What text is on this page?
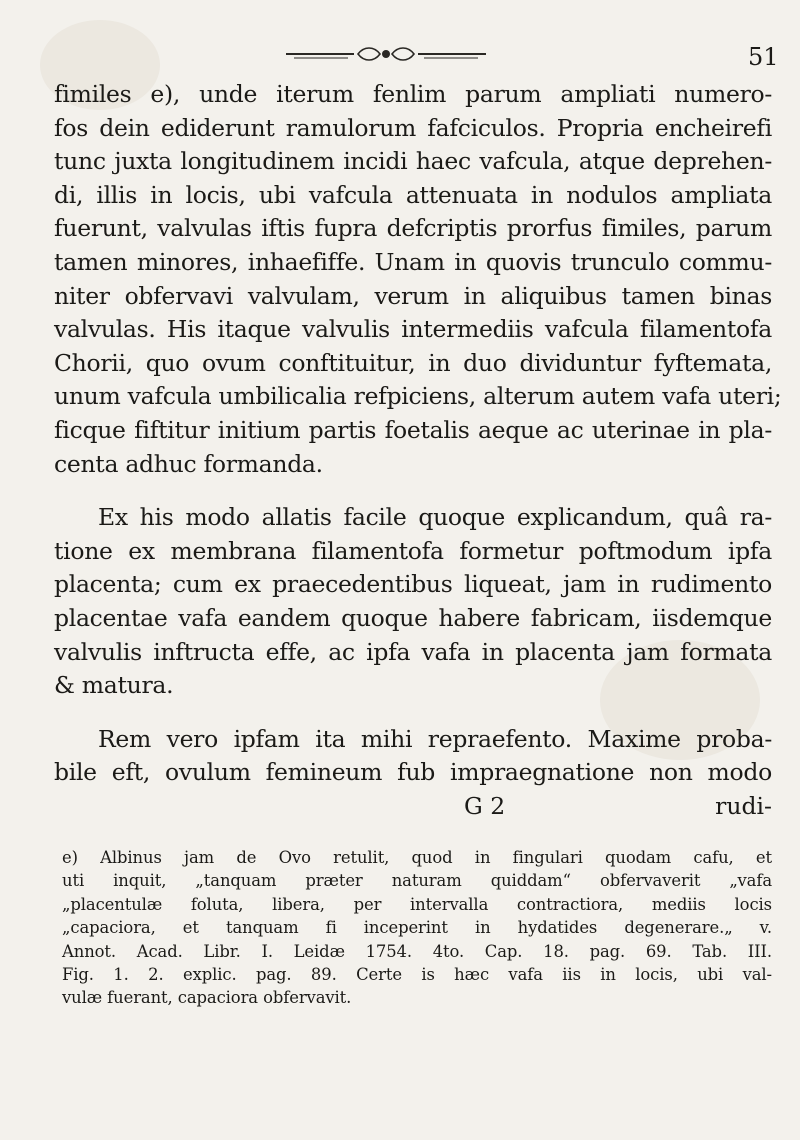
51
fimiles e), unde iterum fenlim parum ampliati numero-
fos dein ediderunt ramulorum fafciculos. Propria encheirefi
tunc juxta longitudinem incidi haec vafcula, atque deprehen-
di, illis in locis, ubi vafcula attenuata in nodulos ampliata
fuerunt, valvulas iftis fupra defcriptis prorfus fimiles, parum
tamen minores, inhaefiffe. Unam in quovis trunculo commu-
niter obfervavi valvulam, verum in aliquibus tamen binas
valvulas. His itaque valvulis intermediis vafcula filamentofa
Chorii, quo ovum conftituitur, in duo dividuntur fyftemata,
unum vafcula umbilicalia refpiciens, alterum autem vafa uteri;
ficque fiftitur initium partis foetalis aeque ac uterinae in pla-
centa adhuc formanda.
Ex his modo allatis facile quoque explicandum, quâ ra-
tione ex membrana filamentofa formetur poftmodum ipfa
placenta; cum ex praecedentibus liqueat, jam in rudimento
placentae vafa eandem quoque habere fabricam, iisdemque
valvulis inftructa effe, ac ipfa vafa in placenta jam formata
& matura.
Rem vero ipfam ita mihi repraefento. Maxime proba-
bile eft, ovulum femineum fub impraegnatione non modo
G 2	rudi-
e) Albinus jam de Ovo retulit, quod in fingulari quodam cafu, et
uti inquit, „tanquam præter naturam quiddam“ obfervaverit „vafa
„placentulæ foluta, libera, per intervalla contractiora, mediis locis
„capaciora, et tanquam fi inceperint in hydatides degenerare.„ v.
Annot. Acad. Libr. I. Leidæ 1754. 4to. Cap. 18. pag. 69. Tab. III.
Fig. 1. 2. explic. pag. 89. Certe is hæc vafa iis in locis, ubi val-
vulæ fuerant, capaciora obfervavit.
